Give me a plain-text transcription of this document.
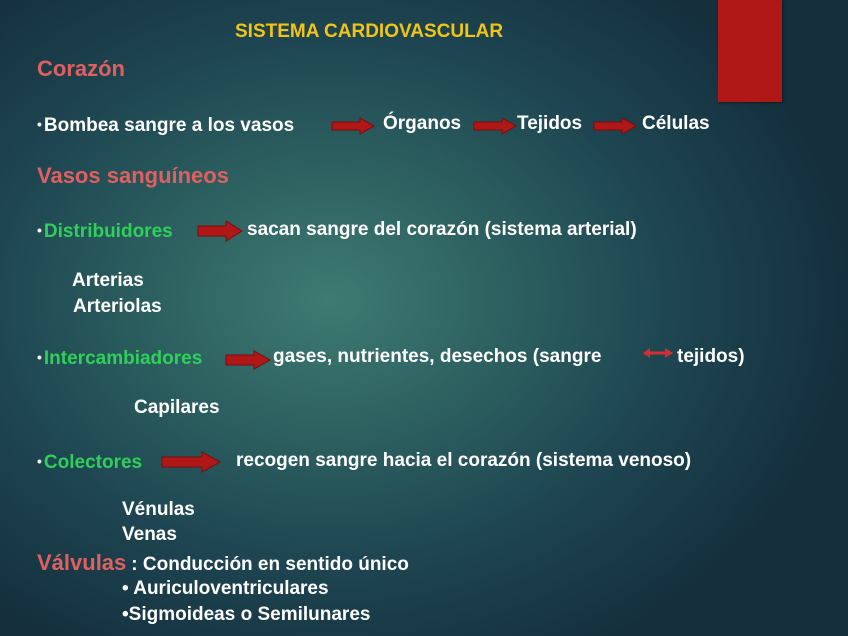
SISTEMA CARDIOVASCULAR
Corazón
• Bombea sangre a los vasos	Órganos	Tejidos	Células
Vasos sanguíneos
• Distribuidores	sacan sangre del corazón (sistema arterial)
Arterias
Arteriolas
• Intercambiadores	gases, nutrientes, desechos (sangre	tejidos)
Capilares
• Colectores	recogen sangre hacia el corazón (sistema venoso)
Vénulas
Venas
Válvulas : Conducción en sentido único
• Auriculoventriculares
•Sigmoideas o Semilunares
